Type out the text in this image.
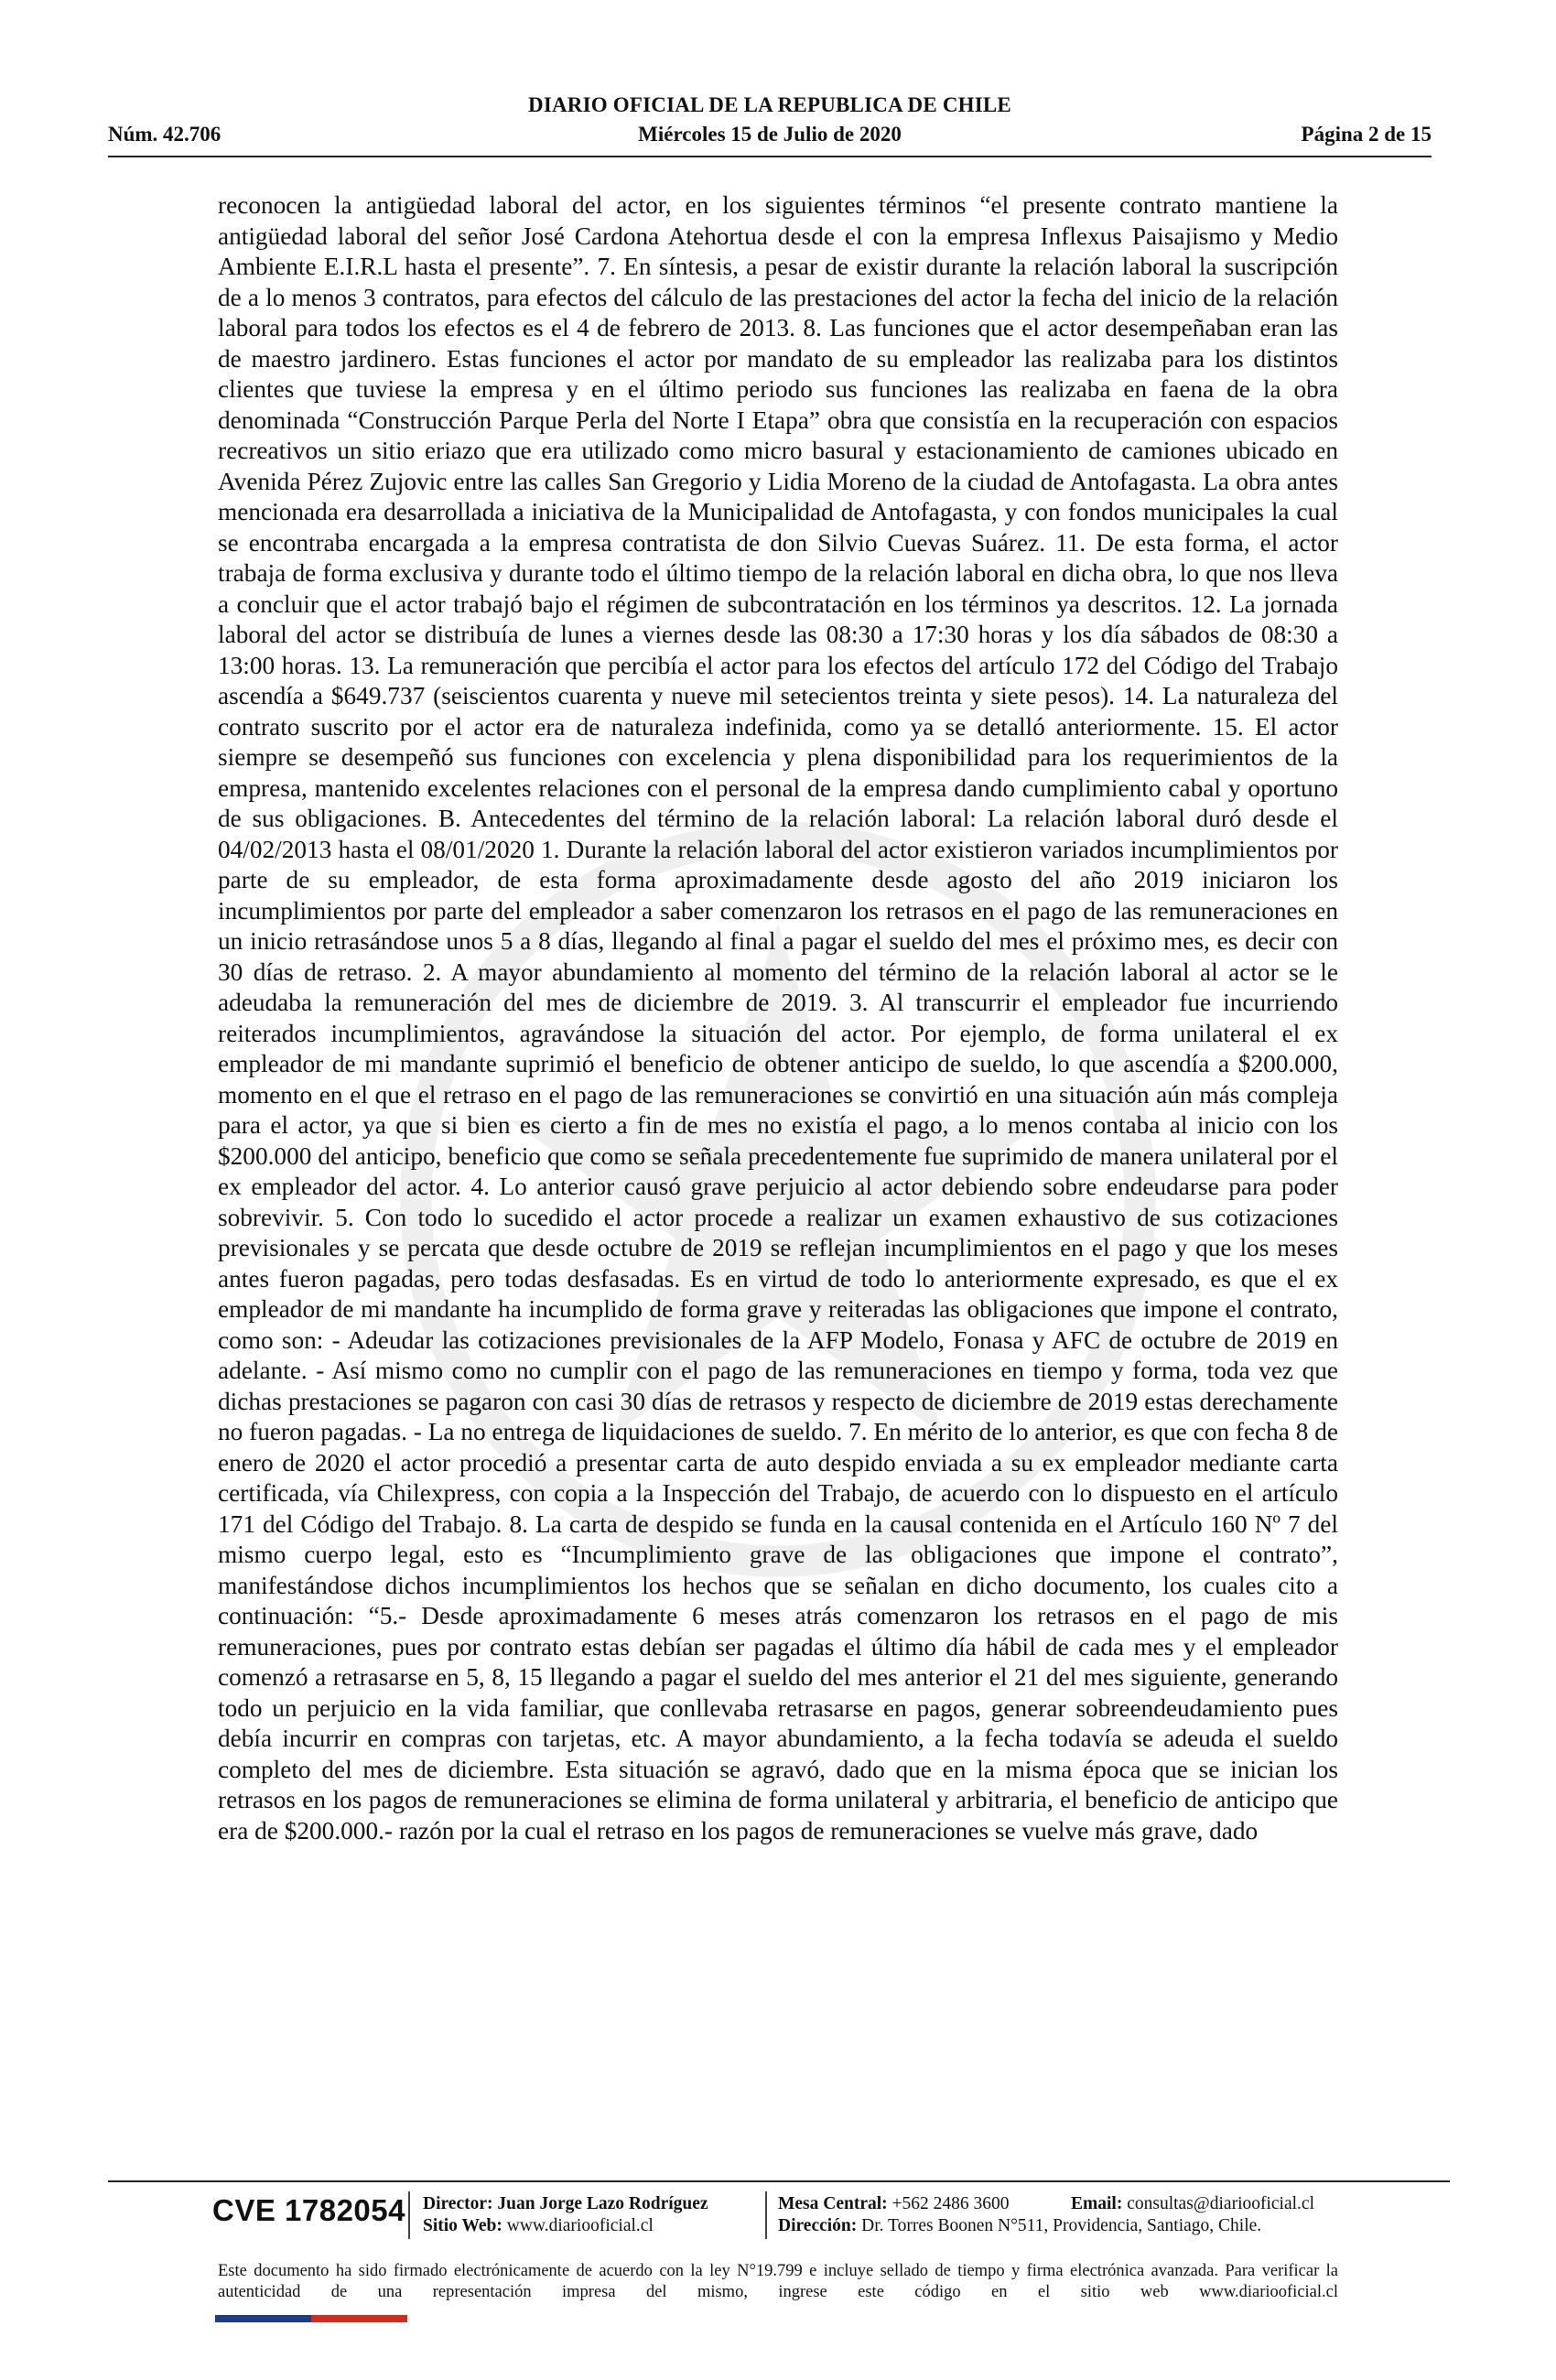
DIARIO OFICIAL DE LA REPUBLICA DE CHILE
Núm. 42.706	Miércoles 15 de Julio de 2020	Página 2 de 15
reconocen la antigüedad laboral del actor, en los siguientes términos “el presente contrato mantiene la antigüedad laboral del señor José Cardona Atehortua desde el con la empresa Inflexus Paisajismo y Medio Ambiente E.I.R.L hasta el presente”. 7. En síntesis, a pesar de existir durante la relación laboral la suscripción de a lo menos 3 contratos, para efectos del cálculo de las prestaciones del actor la fecha del inicio de la relación laboral para todos los efectos es el 4 de febrero de 2013. 8. Las funciones que el actor desempeñaban eran las de maestro jardinero. Estas funciones el actor por mandato de su empleador las realizaba para los distintos clientes que tuviese la empresa y en el último periodo sus funciones las realizaba en faena de la obra denominada “Construcción Parque Perla del Norte I Etapa” obra que consistía en la recuperación con espacios recreativos un sitio eriazo que era utilizado como micro basural y estacionamiento de camiones ubicado en Avenida Pérez Zujovic entre las calles San Gregorio y Lidia Moreno de la ciudad de Antofagasta. La obra antes mencionada era desarrollada a iniciativa de la Municipalidad de Antofagasta, y con fondos municipales la cual se encontraba encargada a la empresa contratista de don Silvio Cuevas Suárez. 11. De esta forma, el actor trabaja de forma exclusiva y durante todo el último tiempo de la relación laboral en dicha obra, lo que nos lleva a concluir que el actor trabajó bajo el régimen de subcontratación en los términos ya descritos. 12. La jornada laboral del actor se distribuía de lunes a viernes desde las 08:30 a 17:30 horas y los día sábados de 08:30 a 13:00 horas. 13. La remuneración que percibía el actor para los efectos del artículo 172 del Código del Trabajo ascendía a $649.737 (seiscientos cuarenta y nueve mil setecientos treinta y siete pesos). 14. La naturaleza del contrato suscrito por el actor era de naturaleza indefinida, como ya se detalló anteriormente. 15. El actor siempre se desempeñó sus funciones con excelencia y plena disponibilidad para los requerimientos de la empresa, mantenido excelentes relaciones con el personal de la empresa dando cumplimiento cabal y oportuno de sus obligaciones. B. Antecedentes del término de la relación laboral: La relación laboral duró desde el 04/02/2013 hasta el 08/01/2020 1. Durante la relación laboral del actor existieron variados incumplimientos por parte de su empleador, de esta forma aproximadamente desde agosto del año 2019 iniciaron los incumplimientos por parte del empleador a saber comenzaron los retrasos en el pago de las remuneraciones en un inicio retrasándose unos 5 a 8 días, llegando al final a pagar el sueldo del mes el próximo mes, es decir con 30 días de retraso. 2. A mayor abundamiento al momento del término de la relación laboral al actor se le adeudaba la remuneración del mes de diciembre de 2019. 3. Al transcurrir el empleador fue incurriendo reiterados incumplimientos, agravándose la situación del actor. Por ejemplo, de forma unilateral el ex empleador de mi mandante suprimió el beneficio de obtener anticipo de sueldo, lo que ascendía a $200.000, momento en el que el retraso en el pago de las remuneraciones se convirtió en una situación aún más compleja para el actor, ya que si bien es cierto a fin de mes no existía el pago, a lo menos contaba al inicio con los $200.000 del anticipo, beneficio que como se señala precedentemente fue suprimido de manera unilateral por el ex empleador del actor. 4. Lo anterior causó grave perjuicio al actor debiendo sobre endeudarse para poder sobrevivir. 5. Con todo lo sucedido el actor procede a realizar un examen exhaustivo de sus cotizaciones previsionales y se percata que desde octubre de 2019 se reflejan incumplimientos en el pago y que los meses antes fueron pagadas, pero todas desfasadas. Es en virtud de todo lo anteriormente expresado, es que el ex empleador de mi mandante ha incumplido de forma grave y reiteradas las obligaciones que impone el contrato, como son: - Adeudar las cotizaciones previsionales de la AFP Modelo, Fonasa y AFC de octubre de 2019 en adelante. - Así mismo como no cumplir con el pago de las remuneraciones en tiempo y forma, toda vez que dichas prestaciones se pagaron con casi 30 días de retrasos y respecto de diciembre de 2019 estas derechamente no fueron pagadas. - La no entrega de liquidaciones de sueldo. 7. En mérito de lo anterior, es que con fecha 8 de enero de 2020 el actor procedió a presentar carta de auto despido enviada a su ex empleador mediante carta certificada, vía Chilexpress, con copia a la Inspección del Trabajo, de acuerdo con lo dispuesto en el artículo 171 del Código del Trabajo. 8. La carta de despido se funda en la causal contenida en el Artículo 160 Nº 7 del mismo cuerpo legal, esto es “Incumplimiento grave de las obligaciones que impone el contrato”, manifestándose dichos incumplimientos los hechos que se señalan en dicho documento, los cuales cito a continuación: “5.- Desde aproximadamente 6 meses atrás comenzaron los retrasos en el pago de mis remuneraciones, pues por contrato estas debían ser pagadas el último día hábil de cada mes y el empleador comenzó a retrasarse en 5, 8, 15 llegando a pagar el sueldo del mes anterior el 21 del mes siguiente, generando todo un perjuicio en la vida familiar, que conllevaba retrasarse en pagos, generar sobreendeudamiento pues debía incurrir en compras con tarjetas, etc. A mayor abundamiento, a la fecha todavía se adeuda el sueldo completo del mes de diciembre. Esta situación se agravó, dado que en la misma época que se inician los retrasos en los pagos de remuneraciones se elimina de forma unilateral y arbitraria, el beneficio de anticipo que era de $200.000.- razón por la cual el retraso en los pagos de remuneraciones se vuelve más grave, dado
CVE 1782054 Director: Juan Jorge Lazo Rodríguez
Sitio Web: www.diariooficial.cl
Mesa Central: +562 2486 3600
Dirección: Dr. Torres Boonen N°511, Providencia, Santiago, Chile.
Email: consultas@diariooficial.cl
Este documento ha sido firmado electrónicamente de acuerdo con la ley N°19.799 e incluye sellado de tiempo y firma electrónica avanzada. Para verificar la autenticidad de una representación impresa del mismo, ingrese este código en el sitio web www.diariooficial.cl
